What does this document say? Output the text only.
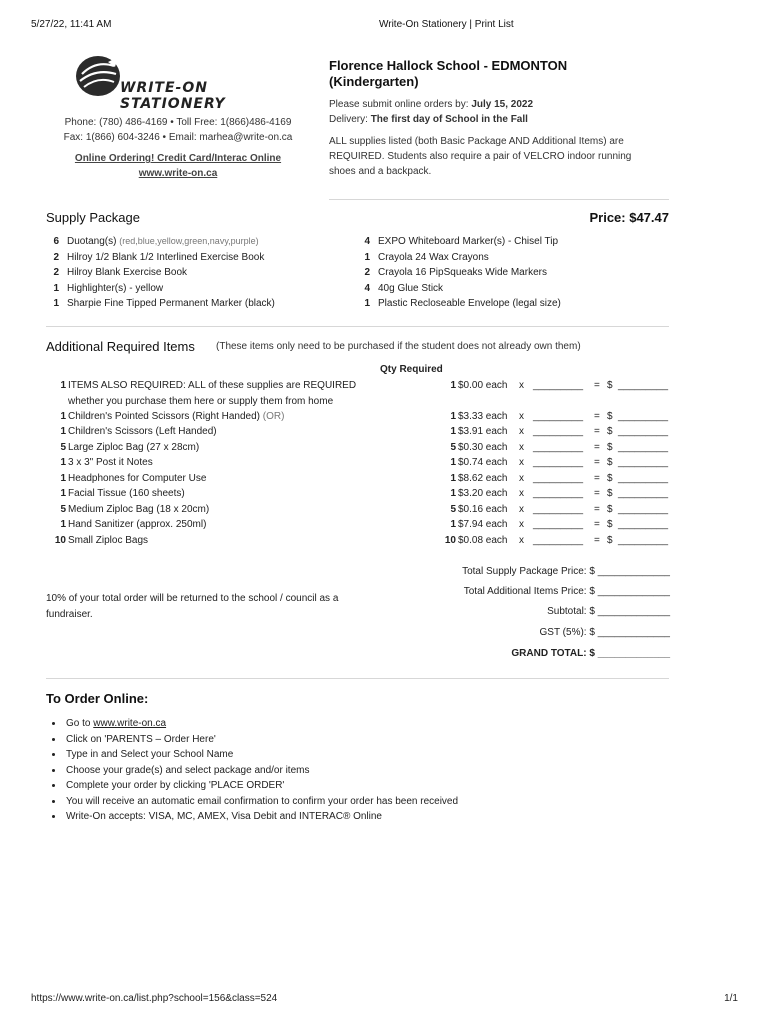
5/27/22, 11:41 AM	Write-On Stationery | Print List
WRITE-ON STATIONERY
Phone: (780) 486-4169 • Toll Free: 1(866)486-4169
Fax: 1(866) 604-3246 • Email: marhea@write-on.ca
Online Ordering! Credit Card/Interac Online
www.write-on.ca
Florence Hallock School - EDMONTON
(Kindergarten)
Please submit online orders by: July 15, 2022
Delivery: The first day of School in the Fall
ALL supplies listed (both Basic Package AND Additional Items) are
REQUIRED. Students also require a pair of VELCRO indoor running
shoes and a backpack.
Supply Package	Price: $47.47
6 Duotang(s) (red,blue,yellow,green,navy,purple)
2 Hilroy 1/2 Blank 1/2 Interlined Exercise Book
2 Hilroy Blank Exercise Book
1 Highlighter(s) - yellow
1 Sharpie Fine Tipped Permanent Marker (black)
4 EXPO Whiteboard Marker(s) - Chisel Tip
1 Crayola 24 Wax Crayons
2 Crayola 16 PipSqueaks Wide Markers
4 40g Glue Stick
1 Plastic Recloseable Envelope (legal size)
Additional Required Items (These items only need to be purchased if the student does not already own them)
Qty Required
1 ITEMS ALSO REQUIRED: ALL of these supplies are REQUIRED	1 $0.00 each	x _________ = $ _________
whether you purchase them here or supply them from home
1 Children's Pointed Scissors (Right Handed) (OR)	1 $3.33 each	x _________ = $ _________
1 Children's Scissors (Left Handed)	1 $3.91 each	x _________ = $ _________
5 Large Ziploc Bag (27 x 28cm)	5 $0.30 each	x _________ = $ _________
1 3 x 3" Post it Notes	1 $0.74 each	x _________ = $ _________
1 Headphones for Computer Use	1 $8.62 each	x _________ = $ _________
1 Facial Tissue (160 sheets)	1 $3.20 each	x _________ = $ _________
5 Medium Ziploc Bag (18 x 20cm)	5 $0.16 each	x _________ = $ _________
1 Hand Sanitizer (approx. 250ml)	1 $7.94 each	x _________ = $ _________
10 Small Ziploc Bags	10 $0.08 each	x _________ = $ _________
Total Supply Package Price: $ _____________
10% of your total order will be returned to the school / council as a
fundraiser.
Total Additional Items Price: $ _____________
Subtotal: $ _____________
GST (5%): $ _____________
GRAND TOTAL: $ _____________
To Order Online:
• Go to www.write-on.ca
• Click on 'PARENTS – Order Here'
• Type in and Select your School Name
• Choose your grade(s) and select package and/or items
• Complete your order by clicking 'PLACE ORDER'
• You will receive an automatic email confirmation to confirm your order has been received
• Write-On accepts: VISA, MC, AMEX, Visa Debit and INTERAC® Online
https://www.write-on.ca/list.php?school=156&class=524	1/1
